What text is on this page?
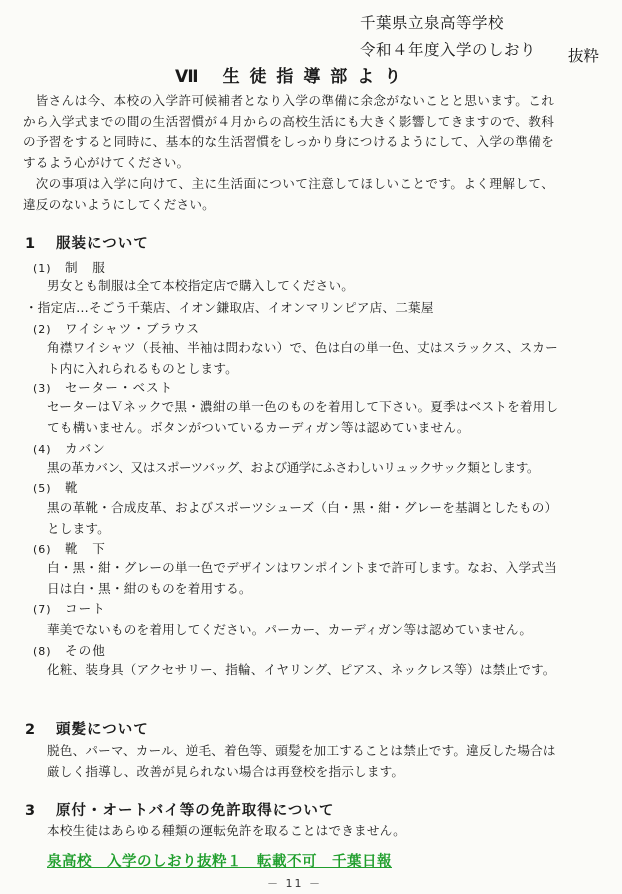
千葉県立泉高等学校
令和４年度入学のしおり 抜粋
Ⅶ 生 徒 指 導 部 よ り

皆さんは今、本校の入学許可候補者となり入学の準備に余念がないことと思います。これから入学式までの間の生活習慣が４月からの高校生活にも大きく影響してきますので、教科の予習をすると同時に、基本的な生活習慣をしっかり身につけるようにして、入学の準備をするよう心がけてください。

次の事項は入学に向けて、主に生活面について注意してほしいことです。よく理解して、違反のないようにしてください。

1 服装について
(1) 制　服

男女とも制服は全て本校指定店で購入してください。

・指定店…そごう千葉店、イオン鎌取店、イオンマリンピア店、二葉屋

(2) ワイシャツ・ブラウス

角襟ワイシャツ（長袖、半袖は問わない）で、色は白の単一色、丈はスラックス、スカート内に入れられるものとします。

(3) セーター・ベスト

セーターはＶネックで黒・濃紺の単一色のものを着用して下さい。夏季はベストを着用しても構いません。ボタンがついているカーディガン等は認めていません。

(4) カバン

黒の革カバン、又はスポーツバッグ、および通学にふさわしいリュックサック類とします。

(5) 靴

黒の革靴・合成皮革、およびスポーツシューズ（白・黒・紺・グレーを基調としたもの）とします。

(6) 靴　下

白・黒・紺・グレーの単一色でデザインはワンポイントまで許可します。なお、入学式当日は白・黒・紺のものを着用する。

(7) コート

華美でないものを着用してください。パーカー、カーディガン等は認めていません。

(8) その他

化粧、装身具（アクセサリー、指輪、イヤリング、ピアス、ネックレス等）は禁止です。

2 頭髪について

脱色、パーマ、カール、逆毛、着色等、頭髪を加工することは禁止です。違反した場合は厳しく指導し、改善が見られない場合は再登校を指示します。

3 原付・オートバイ等の免許取得について

本校生徒はあらゆる種類の運転免許を取ることはできません。

泉高校　入学のしおり抜粋１　転載不可　千葉日報
－ 11 －
